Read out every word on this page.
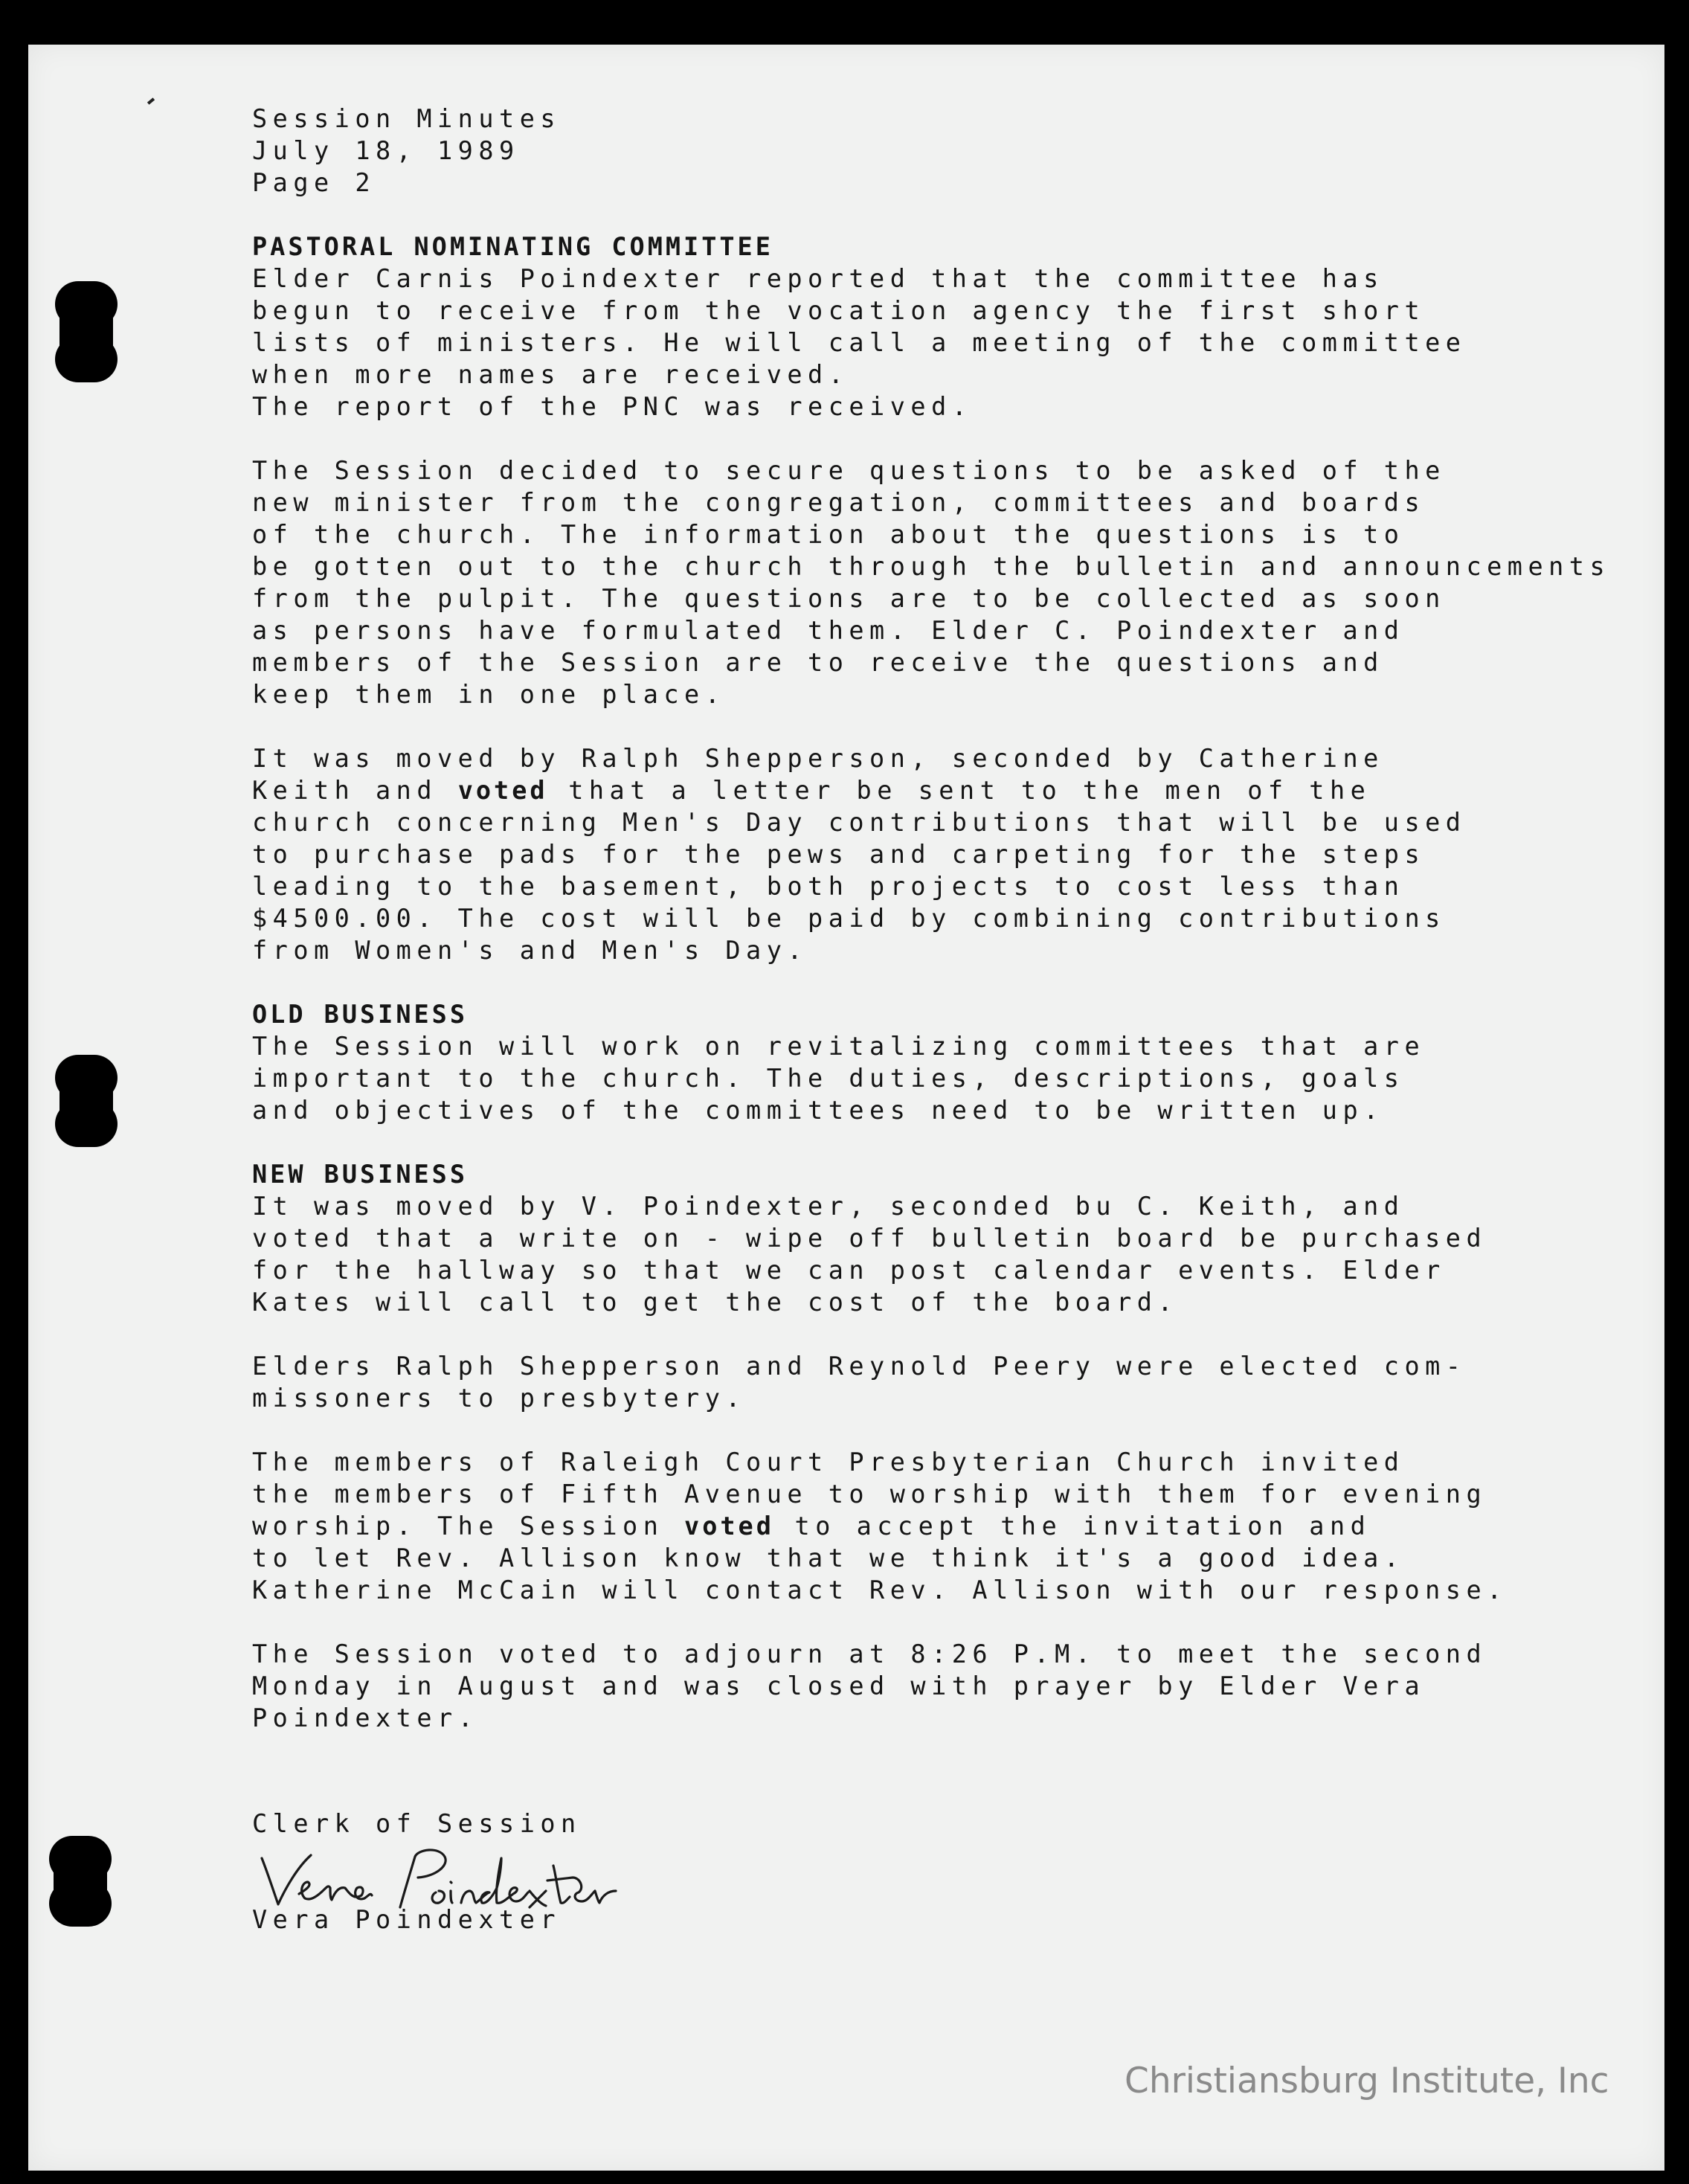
Session Minutes
July 18, 1989
Page 2
PASTORAL NOMINATING COMMITTEE
Elder Carnis Poindexter reported that the committee has
begun to receive from the vocation agency the first short
lists of ministers. He will call a meeting of the committee
when more names are received.
The report of the PNC was received.
The Session decided to secure questions to be asked of the
new minister from the congregation, committees and boards
of the church. The information about the questions is to
be gotten out to the church through the bulletin and announcements
from the pulpit. The questions are to be collected as soon
as persons have formulated them. Elder C. Poindexter and
members of the Session are to receive the questions and
keep them in one place.
It was moved by Ralph Shepperson, seconded by Catherine
Keith and voted that a letter be sent to the men of the
church concerning Men's Day contributions that will be used
to purchase pads for the pews and carpeting for the steps
leading to the basement, both projects to cost less than
$4500.00. The cost will be paid by combining contributions
from Women's and Men's Day.
OLD BUSINESS
The Session will work on revitalizing committees that are
important to the church. The duties, descriptions, goals
and objectives of the committees need to be written up.
NEW BUSINESS
It was moved by V. Poindexter, seconded bu C. Keith, and
voted that a write on - wipe off bulletin board be purchased
for the hallway so that we can post calendar events. Elder
Kates will call to get the cost of the board.
Elders Ralph Shepperson and Reynold Peery were elected com-
missoners to presbytery.
The members of Raleigh Court Presbyterian Church invited
the members of Fifth Avenue to worship with them for evening
worship. The Session voted to accept the invitation and
to let Rev. Allison know that we think it's a good idea.
Katherine McCain will contact Rev. Allison with our response.
The Session voted to adjourn at 8:26 P.M. to meet the second
Monday in August and was closed with prayer by Elder Vera
Poindexter.
Clerk of Session
Vera Poindexter
Christiansburg Institute, Inc
